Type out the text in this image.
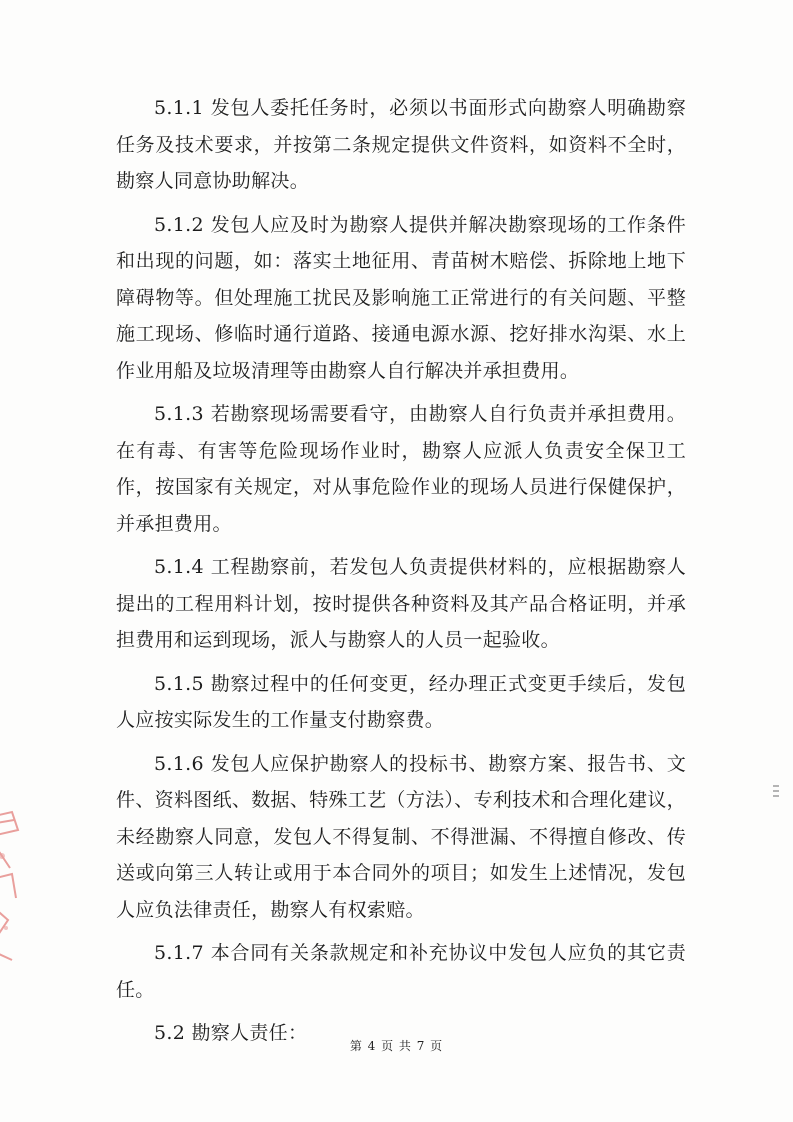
5.1.1 发包人委托任务时，必须以书面形式向勘察人明确勘察任务及技术要求，并按第二条规定提供文件资料，如资料不全时，勘察人同意协助解决。

5.1.2 发包人应及时为勘察人提供并解决勘察现场的工作条件和出现的问题，如：落实土地征用、青苗树木赔偿、拆除地上地下障碍物等。但处理施工扰民及影响施工正常进行的有关问题、平整施工现场、修临时通行道路、接通电源水源、挖好排水沟渠、水上作业用船及垃圾清理等由勘察人自行解决并承担费用。

5.1.3 若勘察现场需要看守，由勘察人自行负责并承担费用。在有毒、有害等危险现场作业时，勘察人应派人负责安全保卫工作，按国家有关规定，对从事危险作业的现场人员进行保健保护，并承担费用。

5.1.4 工程勘察前，若发包人负责提供材料的，应根据勘察人提出的工程用料计划，按时提供各种资料及其产品合格证明，并承担费用和运到现场，派人与勘察人的人员一起验收。

5.1.5 勘察过程中的任何变更，经办理正式变更手续后，发包人应按实际发生的工作量支付勘察费。

5.1.6 发包人应保护勘察人的投标书、勘察方案、报告书、文件、资料图纸、数据、特殊工艺（方法）、专利技术和合理化建议，未经勘察人同意，发包人不得复制、不得泄漏、不得擅自修改、传送或向第三人转让或用于本合同外的项目；如发生上述情况，发包人应负法律责任，勘察人有权索赔。

5.1.7 本合同有关条款规定和补充协议中发包人应负的其它责任。

5.2 勘察人责任：

第 4 页 共 7 页
